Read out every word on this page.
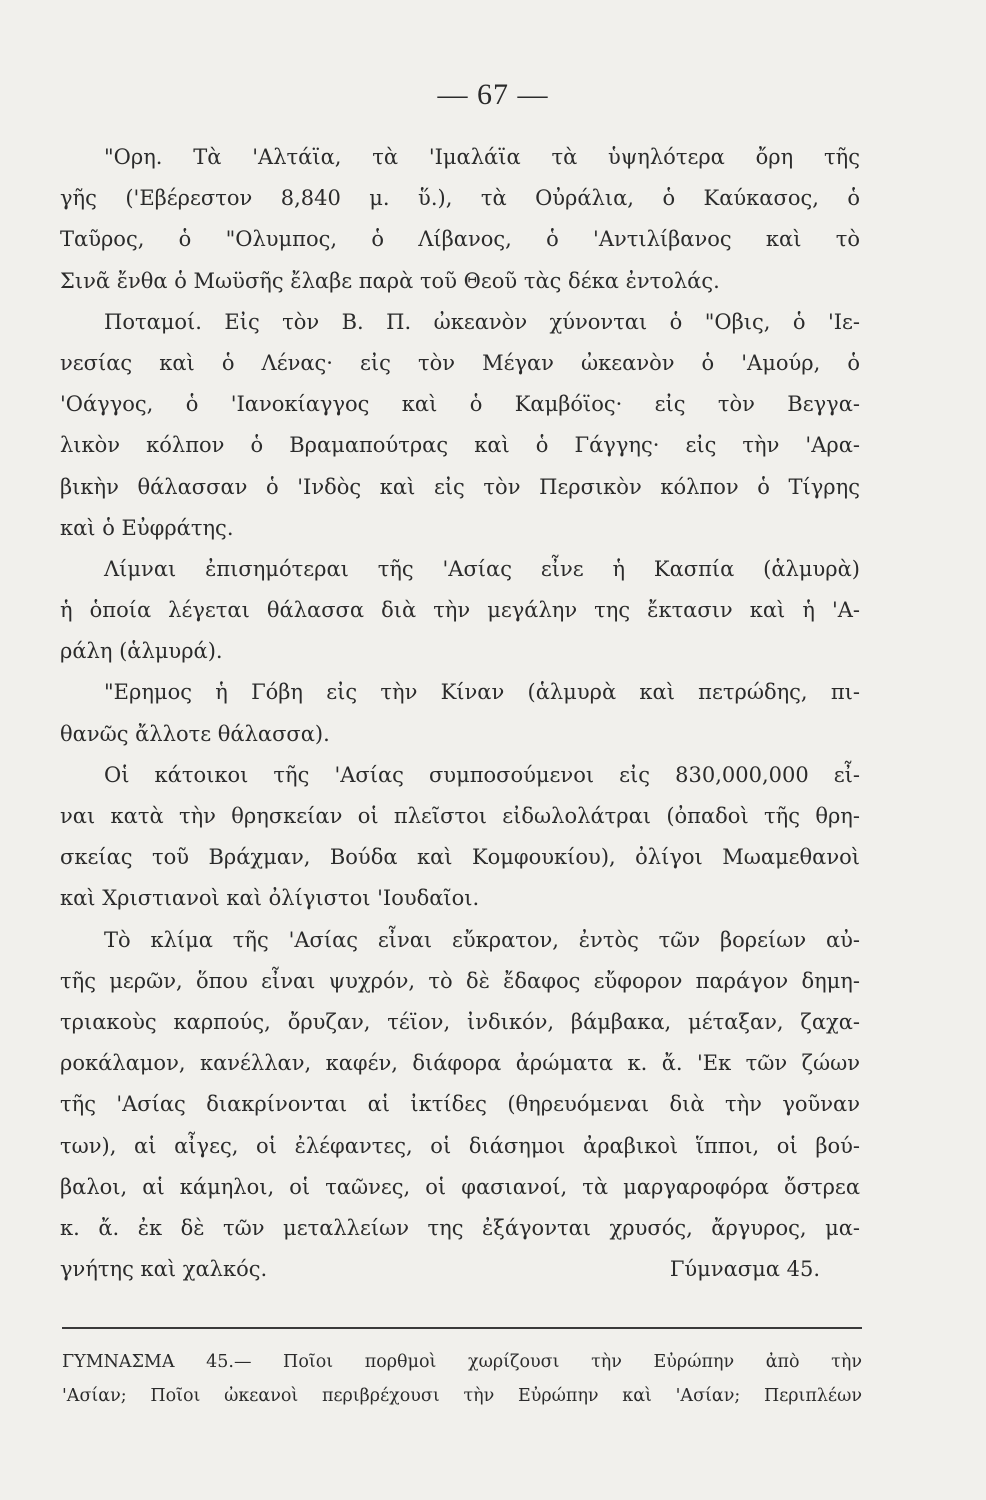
— 67 —
"Ορη. Τὰ 'Αλτάϊα, τὰ 'Ιμαλάϊα τὰ ὑψηλότερα ὄρη τῆς
γῆς ('Εβέρεστον 8,840 μ. ὕ.), τὰ Οὐράλια, ὁ Καύκασος, ὁ
Ταῦρος, ὁ "Ολυμπος, ὁ Λίβανος, ὁ 'Αντιλίβανος καὶ τὸ
Σινᾶ ἔνθα ὁ Μωϋσῆς ἔλαβε παρὰ τοῦ Θεοῦ τὰς δέκα ἐντολάς.
Ποταμοί. Εἰς τὸν Β. Π. ὠκεανὸν χύνονται ὁ "Οβις, ὁ 'Ιε-
νεσίας καὶ ὁ Λένας· εἰς τὸν Μέγαν ὠκεανὸν ὁ 'Αμούρ, ὁ
'Οάγγος, ὁ 'Ιανοκίαγγος καὶ ὁ Καμβόϊος· εἰς τὸν Βεγγα-
λικὸν κόλπον ὁ Βραμαπούτρας καὶ ὁ Γάγγης· εἰς τὴν 'Αρα-
βικὴν θάλασσαν ὁ 'Ινδὸς καὶ εἰς τὸν Περσικὸν κόλπον ὁ Τίγρης
καὶ ὁ Εὐφράτης.
Λίμναι ἐπισημότεραι τῆς 'Ασίας εἶνε ἡ Κασπία (ἁλμυρὰ)
ἡ ὁποία λέγεται θάλασσα διὰ τὴν μεγάλην της ἔκτασιν καὶ ἡ 'Α-
ράλη (ἁλμυρά).
"Ερημος ἡ Γόβη εἰς τὴν Κίναν (ἁλμυρὰ καὶ πετρώδης, πι-
θανῶς ἄλλοτε θάλασσα).
Οἱ κάτοικοι τῆς 'Ασίας συμποσούμενοι εἰς 830,000,000 εἶ-
ναι κατὰ τὴν θρησκείαν οἱ πλεῖστοι εἰδωλολάτραι (ὀπαδοὶ τῆς θρη-
σκείας τοῦ Βράχμαν, Βούδα καὶ Κομφουκίου), ὀλίγοι Μωαμεθανοὶ
καὶ Χριστιανοὶ καὶ ὀλίγιστοι 'Ιουδαῖοι.
Τὸ κλίμα τῆς 'Ασίας εἶναι εὔκρατον, ἐντὸς τῶν βορείων αὐ-
τῆς μερῶν, ὅπου εἶναι ψυχρόν, τὸ δὲ ἔδαφος εὔφορον παράγον δημη-
τριακοὺς καρπούς, ὄρυζαν, τέϊον, ἰνδικόν, βάμβακα, μέταξαν, ζαχα-
ροκάλαμον, κανέλλαν, καφέν, διάφορα ἀρώματα κ. ἄ. 'Εκ τῶν ζώων
τῆς 'Ασίας διακρίνονται αἱ ἰκτίδες (θηρευόμεναι διὰ τὴν γοῦναν
των), αἱ αἶγες, οἱ ἐλέφαντες, οἱ διάσημοι ἀραβικοὶ ἵπποι, οἱ βού-
βαλοι, αἱ κάμηλοι, οἱ ταῶνες, οἱ φασιανοί, τὰ μαργαροφόρα ὄστρεα
κ. ἄ. ἐκ δὲ τῶν μεταλλείων της ἐξάγονται χρυσός, ἄργυρος, μα-
γνήτης καὶ χαλκός.	Γύμνασμα 45.
ΓΥΜΝΑΣΜΑ 45.— Ποῖοι πορθμοὶ χωρίζουσι τὴν Εὐρώπην ἀπὸ τὴν
'Ασίαν; Ποῖοι ὠκεανοὶ περιβρέχουσι τὴν Εὐρώπην καὶ 'Ασίαν; Περιπλέων
